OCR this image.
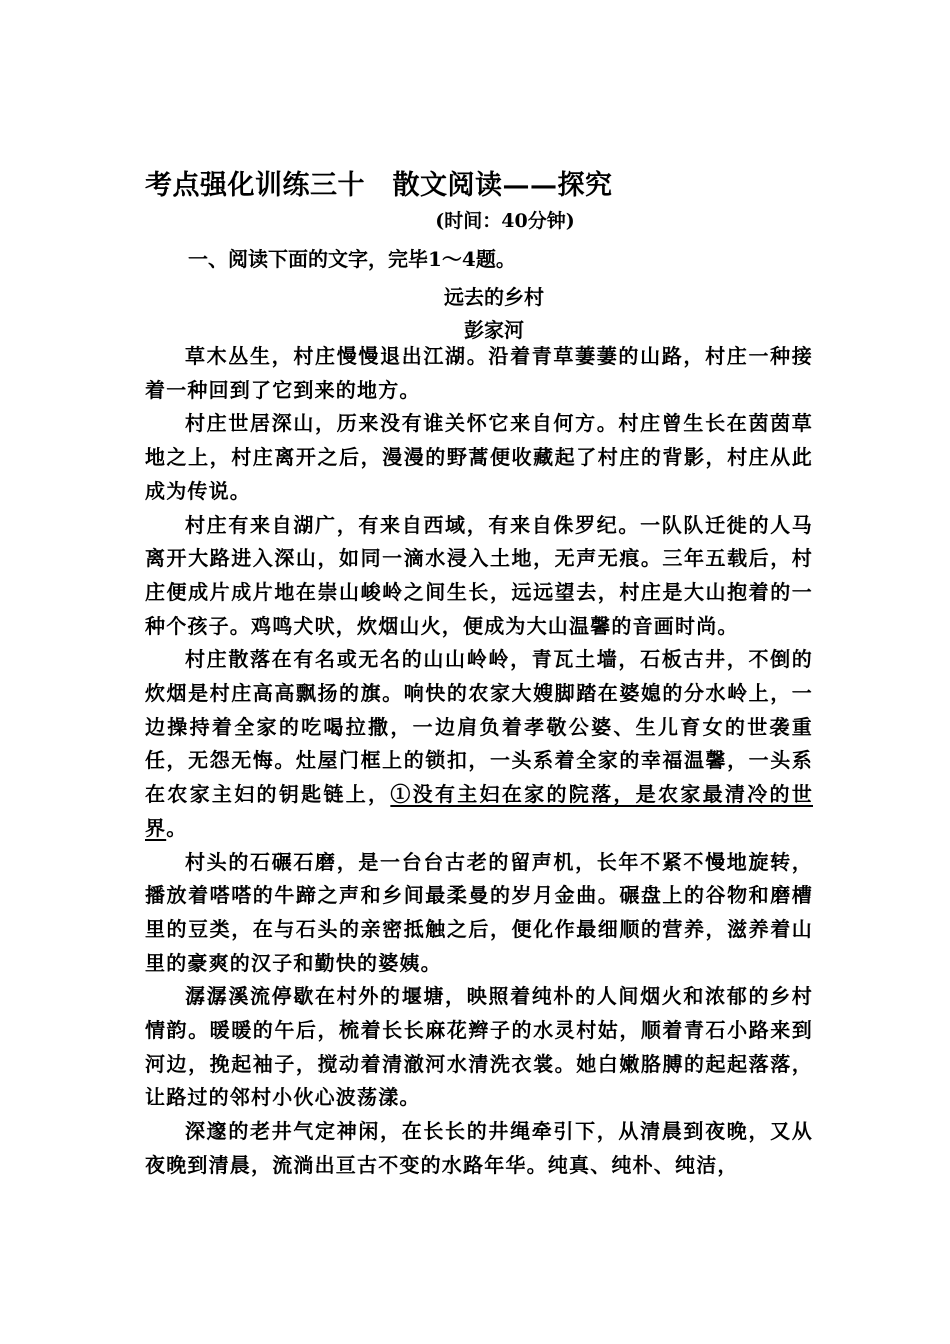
考点强化训练三十　散文阅读——探究
(时间：40分钟)
一、阅读下面的文字，完毕1～4题。
远去的乡村
彭家河

草木丛生，村庄慢慢退出江湖。沿着青草萋萋的山路，村庄一种接着一种回到了它到来的地方。

村庄世居深山，历来没有谁关怀它来自何方。村庄曾生长在茵茵草地之上，村庄离开之后，漫漫的野蒿便收藏起了村庄的背影，村庄从此成为传说。

村庄有来自湖广，有来自西域，有来自侏罗纪。一队队迁徙的人马离开大路进入深山，如同一滴水浸入土地，无声无痕。三年五载后，村庄便成片成片地在崇山峻岭之间生长，远远望去，村庄是大山抱着的一种个孩子。鸡鸣犬吠，炊烟山火，便成为大山温馨的音画时尚。

村庄散落在有名或无名的山山岭岭，青瓦土墙，石板古井，不倒的炊烟是村庄高高飘扬的旗。响快的农家大嫂脚踏在婆媳的分水岭上，一边操持着全家的吃喝拉撒，一边肩负着孝敬公婆、生儿育女的世袭重任，无怨无悔。灶屋门框上的锁扣，一头系着全家的幸福温馨，一头系在农家主妇的钥匙链上，①没有主妇在家的院落，是农家最清冷的世界。

村头的石碾石磨，是一台台古老的留声机，长年不紧不慢地旋转，播放着嗒嗒的牛蹄之声和乡间最柔曼的岁月金曲。碾盘上的谷物和磨槽里的豆类，在与石头的亲密抵触之后，便化作最细顺的营养，滋养着山里的豪爽的汉子和勤快的婆姨。

潺潺溪流停歇在村外的堰塘，映照着纯朴的人间烟火和浓郁的乡村情韵。暖暖的午后，梳着长长麻花辫子的水灵村姑，顺着青石小路来到河边，挽起袖子，搅动着清澈河水清洗衣裳。她白嫩胳膊的起起落落，让路过的邻村小伙心波荡漾。

深邃的老井气定神闲，在长长的井绳牵引下，从清晨到夜晚，又从夜晚到清晨，流淌出亘古不变的水路年华。纯真、纯朴、纯洁，
